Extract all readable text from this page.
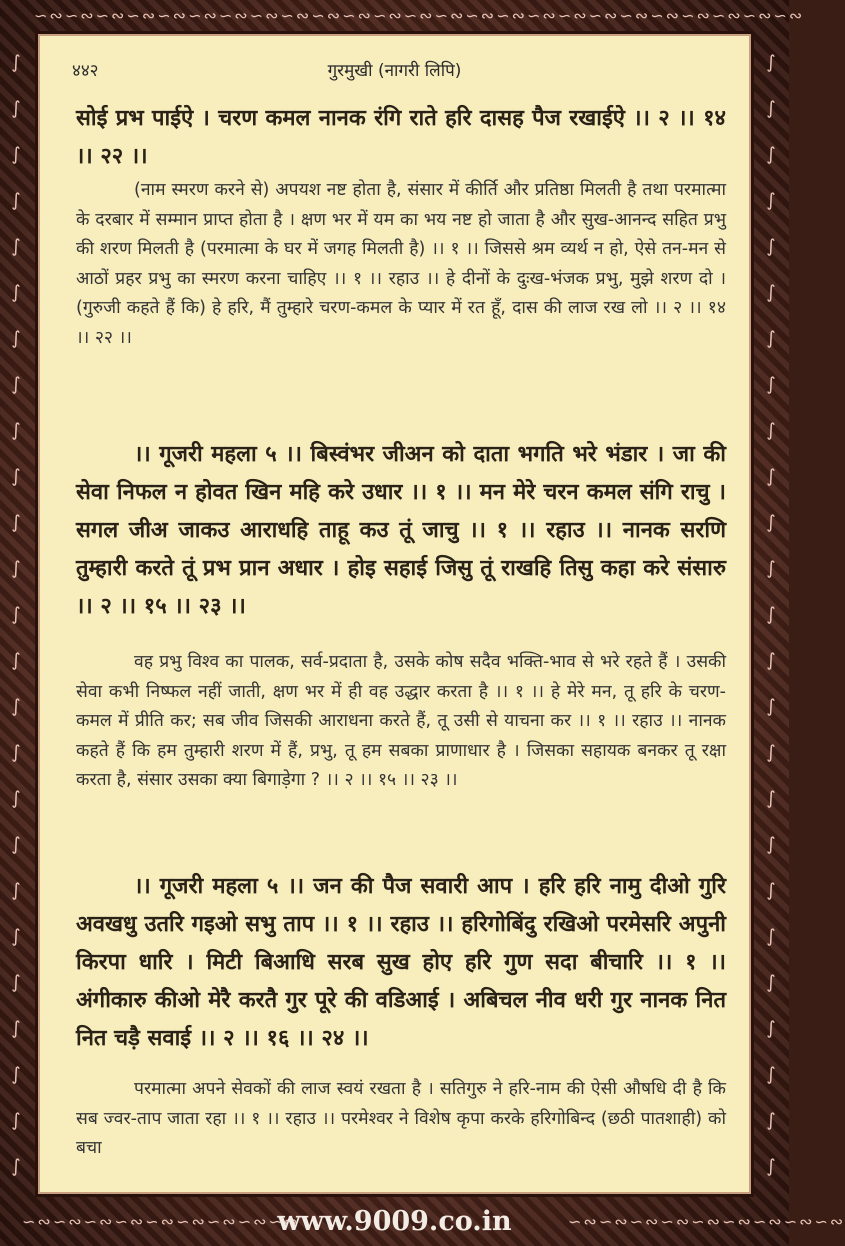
∽∾∽∾∽∾∽∾∽∾∽∾∽∾∽∾∽∾∽∾∽∾∽∾∽∾∽∾∽∾∽∾∽∾∽∾∽∾∽∾∽∾∽∾∽∾∽∾∽∾
∫ ∫ ∫ ∫ ∫ ∫ ∫ ∫ ∫ ∫ ∫ ∫ ∫ ∫ ∫ ∫ ∫ ∫ ∫ ∫ ∫ ∫ ∫ ∫ ∫
∫ ∫ ∫ ∫ ∫ ∫ ∫ ∫ ∫ ∫ ∫ ∫ ∫ ∫ ∫ ∫ ∫ ∫ ∫ ∫ ∫ ∫ ∫ ∫ ∫
∽∾∽∾∽∾∽∾∽∾∽∾∽∾∽∾∽∾	∽∾∽∾∽∾∽∾∽∾∽∾∽∾∽∾∽∾
४४२	गुरमुखी (नागरी लिपि)
सोई प्रभ पाईऐ । चरण कमल नानक रंगि राते हरि दासह पैज रखाईऐ ।। २ ।। १४ ।। २२ ।।
(नाम स्मरण करने से) अपयश नष्ट होता है, संसार में कीर्ति और प्रतिष्ठा मिलती है तथा परमात्मा के दरबार में सम्मान प्राप्त होता है । क्षण भर में यम का भय नष्ट हो जाता है और सुख-आनन्द सहित प्रभु की शरण मिलती है (परमात्मा के घर में जगह मिलती है) ।। १ ।। जिससे श्रम व्यर्थ न हो, ऐसे तन-मन से आठों प्रहर प्रभु का स्मरण करना चाहिए ।। १ ।। रहाउ ।। हे दीनों के दुःख-भंजक प्रभु, मुझे शरण दो । (गुरुजी कहते हैं कि) हे हरि, मैं तुम्हारे चरण-कमल के प्यार में रत हूँ, दास की लाज रख लो ।। २ ।। १४ ।। २२ ।।
।। गूजरी महला ५ ।। बिस्वंभर जीअन को दाता भगति भरे भंडार । जा की सेवा निफल न होवत खिन महि करे उधार ।। १ ।। मन मेरे चरन कमल संगि राचु । सगल जीअ जाकउ आराधहि ताहू कउ तूं जाचु ।। १ ।। रहाउ ।। नानक सरणि तुम्हारी करते तूं प्रभ प्रान अधार । होइ सहाई जिसु तूं राखहि तिसु कहा करे संसारु ।। २ ।। १५ ।। २३ ।।
वह प्रभु विश्व का पालक, सर्व-प्रदाता है, उसके कोष सदैव भक्ति-भाव से भरे रहते हैं । उसकी सेवा कभी निष्फल नहीं जाती, क्षण भर में ही वह उद्धार करता है ।। १ ।। हे मेरे मन, तू हरि के चरण-कमल में प्रीति कर; सब जीव जिसकी आराधना करते हैं, तू उसी से याचना कर ।। १ ।। रहाउ ।। नानक कहते हैं कि हम तुम्हारी शरण में हैं, प्रभु, तू हम सबका प्राणाधार है । जिसका सहायक बनकर तू रक्षा करता है, संसार उसका क्या बिगाड़ेगा ? ।। २ ।। १५ ।। २३ ।।
।। गूजरी महला ५ ।। जन की पैज सवारी आप । हरि हरि नामु दीओ गुरि अवखधु उतरि गइओ सभु ताप ।। १ ।। रहाउ ।। हरिगोबिंदु रखिओ परमेसरि अपुनी किरपा धारि । मिटी बिआधि सरब सुख होए हरि गुण सदा बीचारि ।। १ ।। अंगीकारु कीओ मेरै करतै गुर पूरे की वडिआई । अबिचल नीव धरी गुर नानक नित नित चड़ै सवाई ।। २ ।। १६ ।। २४ ।।
परमात्मा अपने सेवकों की लाज स्वयं रखता है । सतिगुरु ने हरि-नाम की ऐसी औषधि दी है कि सब ज्वर-ताप जाता रहा ।। १ ।। रहाउ ।। परमेश्वर ने विशेष कृपा करके हरिगोबिन्द (छठी पातशाही) को बचा
www.9009.co.in
